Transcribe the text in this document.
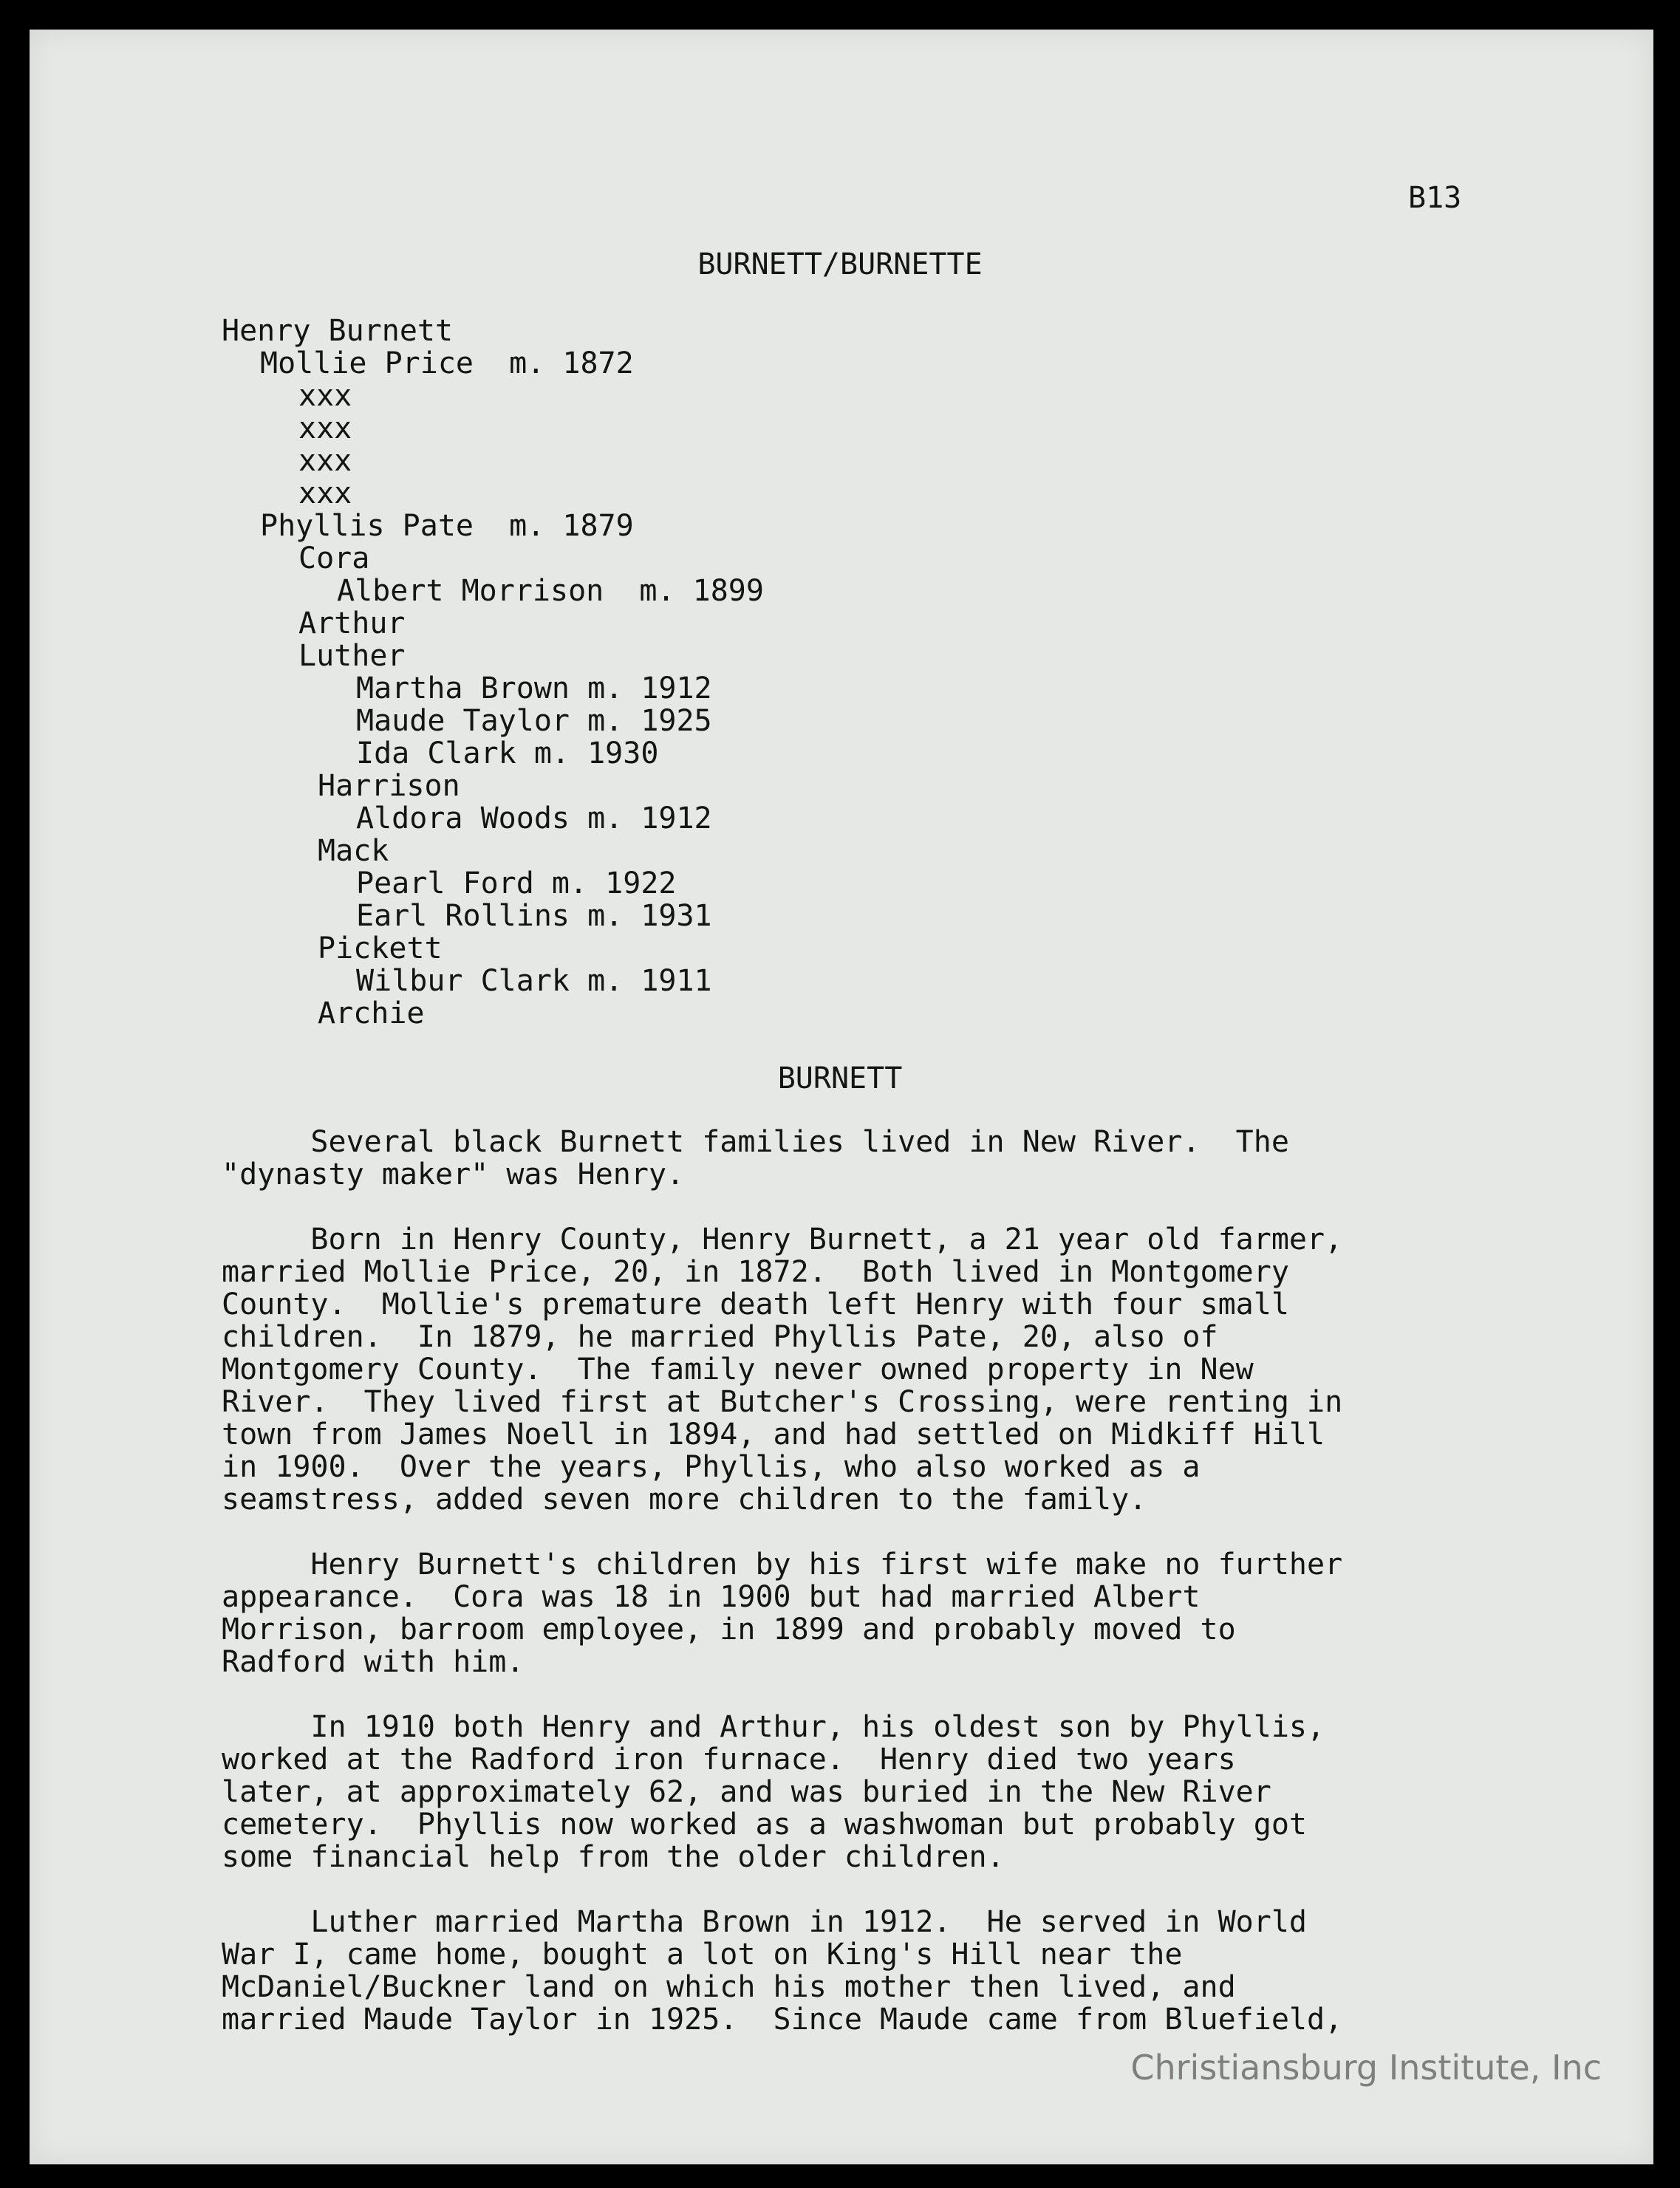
B13
BURNETT/BURNETTE
Henry Burnett
Mollie Price  m. 1872
xxx
xxx
xxx
xxx
Phyllis Pate  m. 1879
Cora
Albert Morrison  m. 1899
Arthur
Luther
Martha Brown m. 1912
Maude Taylor m. 1925
Ida Clark m. 1930
Harrison
Aldora Woods m. 1912
Mack
Pearl Ford m. 1922
Earl Rollins m. 1931
Pickett
Wilbur Clark m. 1911
Archie
BURNETT
Several black Burnett families lived in New River.  The
"dynasty maker" was Henry.
Born in Henry County, Henry Burnett, a 21 year old farmer,
married Mollie Price, 20, in 1872.  Both lived in Montgomery
County.  Mollie's premature death left Henry with four small
children.  In 1879, he married Phyllis Pate, 20, also of
Montgomery County.  The family never owned property in New
River.  They lived first at Butcher's Crossing, were renting in
town from James Noell in 1894, and had settled on Midkiff Hill
in 1900.  Over the years, Phyllis, who also worked as a
seamstress, added seven more children to the family.
Henry Burnett's children by his first wife make no further
appearance.  Cora was 18 in 1900 but had married Albert
Morrison, barroom employee, in 1899 and probably moved to
Radford with him.
In 1910 both Henry and Arthur, his oldest son by Phyllis,
worked at the Radford iron furnace.  Henry died two years
later, at approximately 62, and was buried in the New River
cemetery.  Phyllis now worked as a washwoman but probably got
some financial help from the older children.
Luther married Martha Brown in 1912.  He served in World
War I, came home, bought a lot on King's Hill near the
McDaniel/Buckner land on which his mother then lived, and
married Maude Taylor in 1925.  Since Maude came from Bluefield,
Christiansburg Institute, Inc
